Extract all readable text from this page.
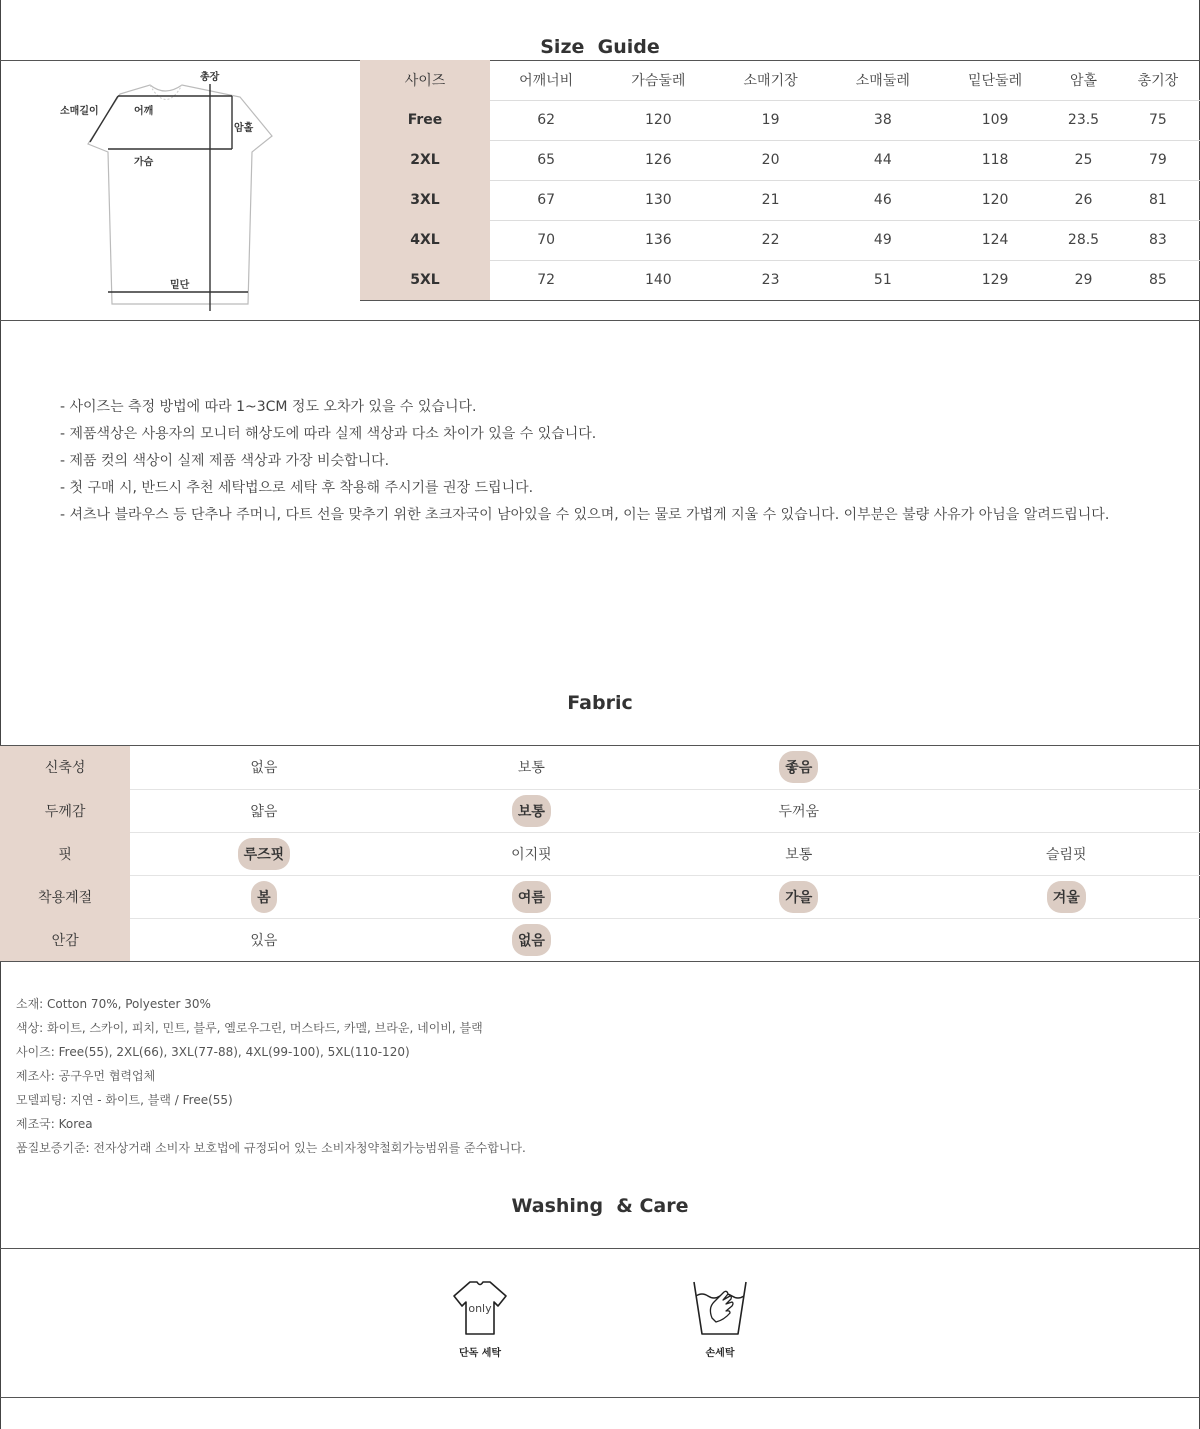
Size  Guide
총장
소매길이	어깨
암홀
가슴
밑단
사이즈	어깨너비	가슴둘레	소매기장	소매둘레	밑단둘레	암홀	총기장
Free	62	120	19	38	109	23.5	75
2XL	65	126	20	44	118	25	79
3XL	67	130	21	46	120	26	81
4XL	70	136	22	49	124	28.5	83
5XL	72	140	23	51	129	29	85
- 사이즈는 측정 방법에 따라 1~3CM 정도 오차가 있을 수 있습니다.
- 제품색상은 사용자의 모니터 해상도에 따라 실제 색상과 다소 차이가 있을 수 있습니다.
- 제품 컷의 색상이 실제 제품 색상과 가장 비슷합니다.
- 첫 구매 시, 반드시 추천 세탁법으로 세탁 후 착용해 주시기를 권장 드립니다.
- 셔츠나 블라우스 등 단추나 주머니, 다트 선을 맞추기 위한 초크자국이 남아있을 수 있으며, 이는 물로 가볍게 지울 수 있습니다. 이부분은 불량 사유가 아님을 알려드립니다.
Fabric
신축성	없음	보통	좋음	
두께감	얇음	보통	두꺼움	
핏	루즈핏	이지핏	보통	슬림핏
착용계절	봄	여름	가을	겨울
안감	있음	없음		
소재: Cotton 70%, Polyester 30%
색상: 화이트, 스카이, 피치, 민트, 블루, 옐로우그린, 머스타드, 카멜, 브라운, 네이비, 블랙
사이즈: Free(55), 2XL(66), 3XL(77-88), 4XL(99-100), 5XL(110-120)
제조사: 공구우먼 협력업체
모델피팅: 지연 - 화이트, 블랙 / Free(55)
제조국: Korea
품질보증기준: 전자상거래 소비자 보호법에 규정되어 있는 소비자청약철회가능범위를 준수합니다.
Washing  & Care
only
단독 세탁	손세탁
